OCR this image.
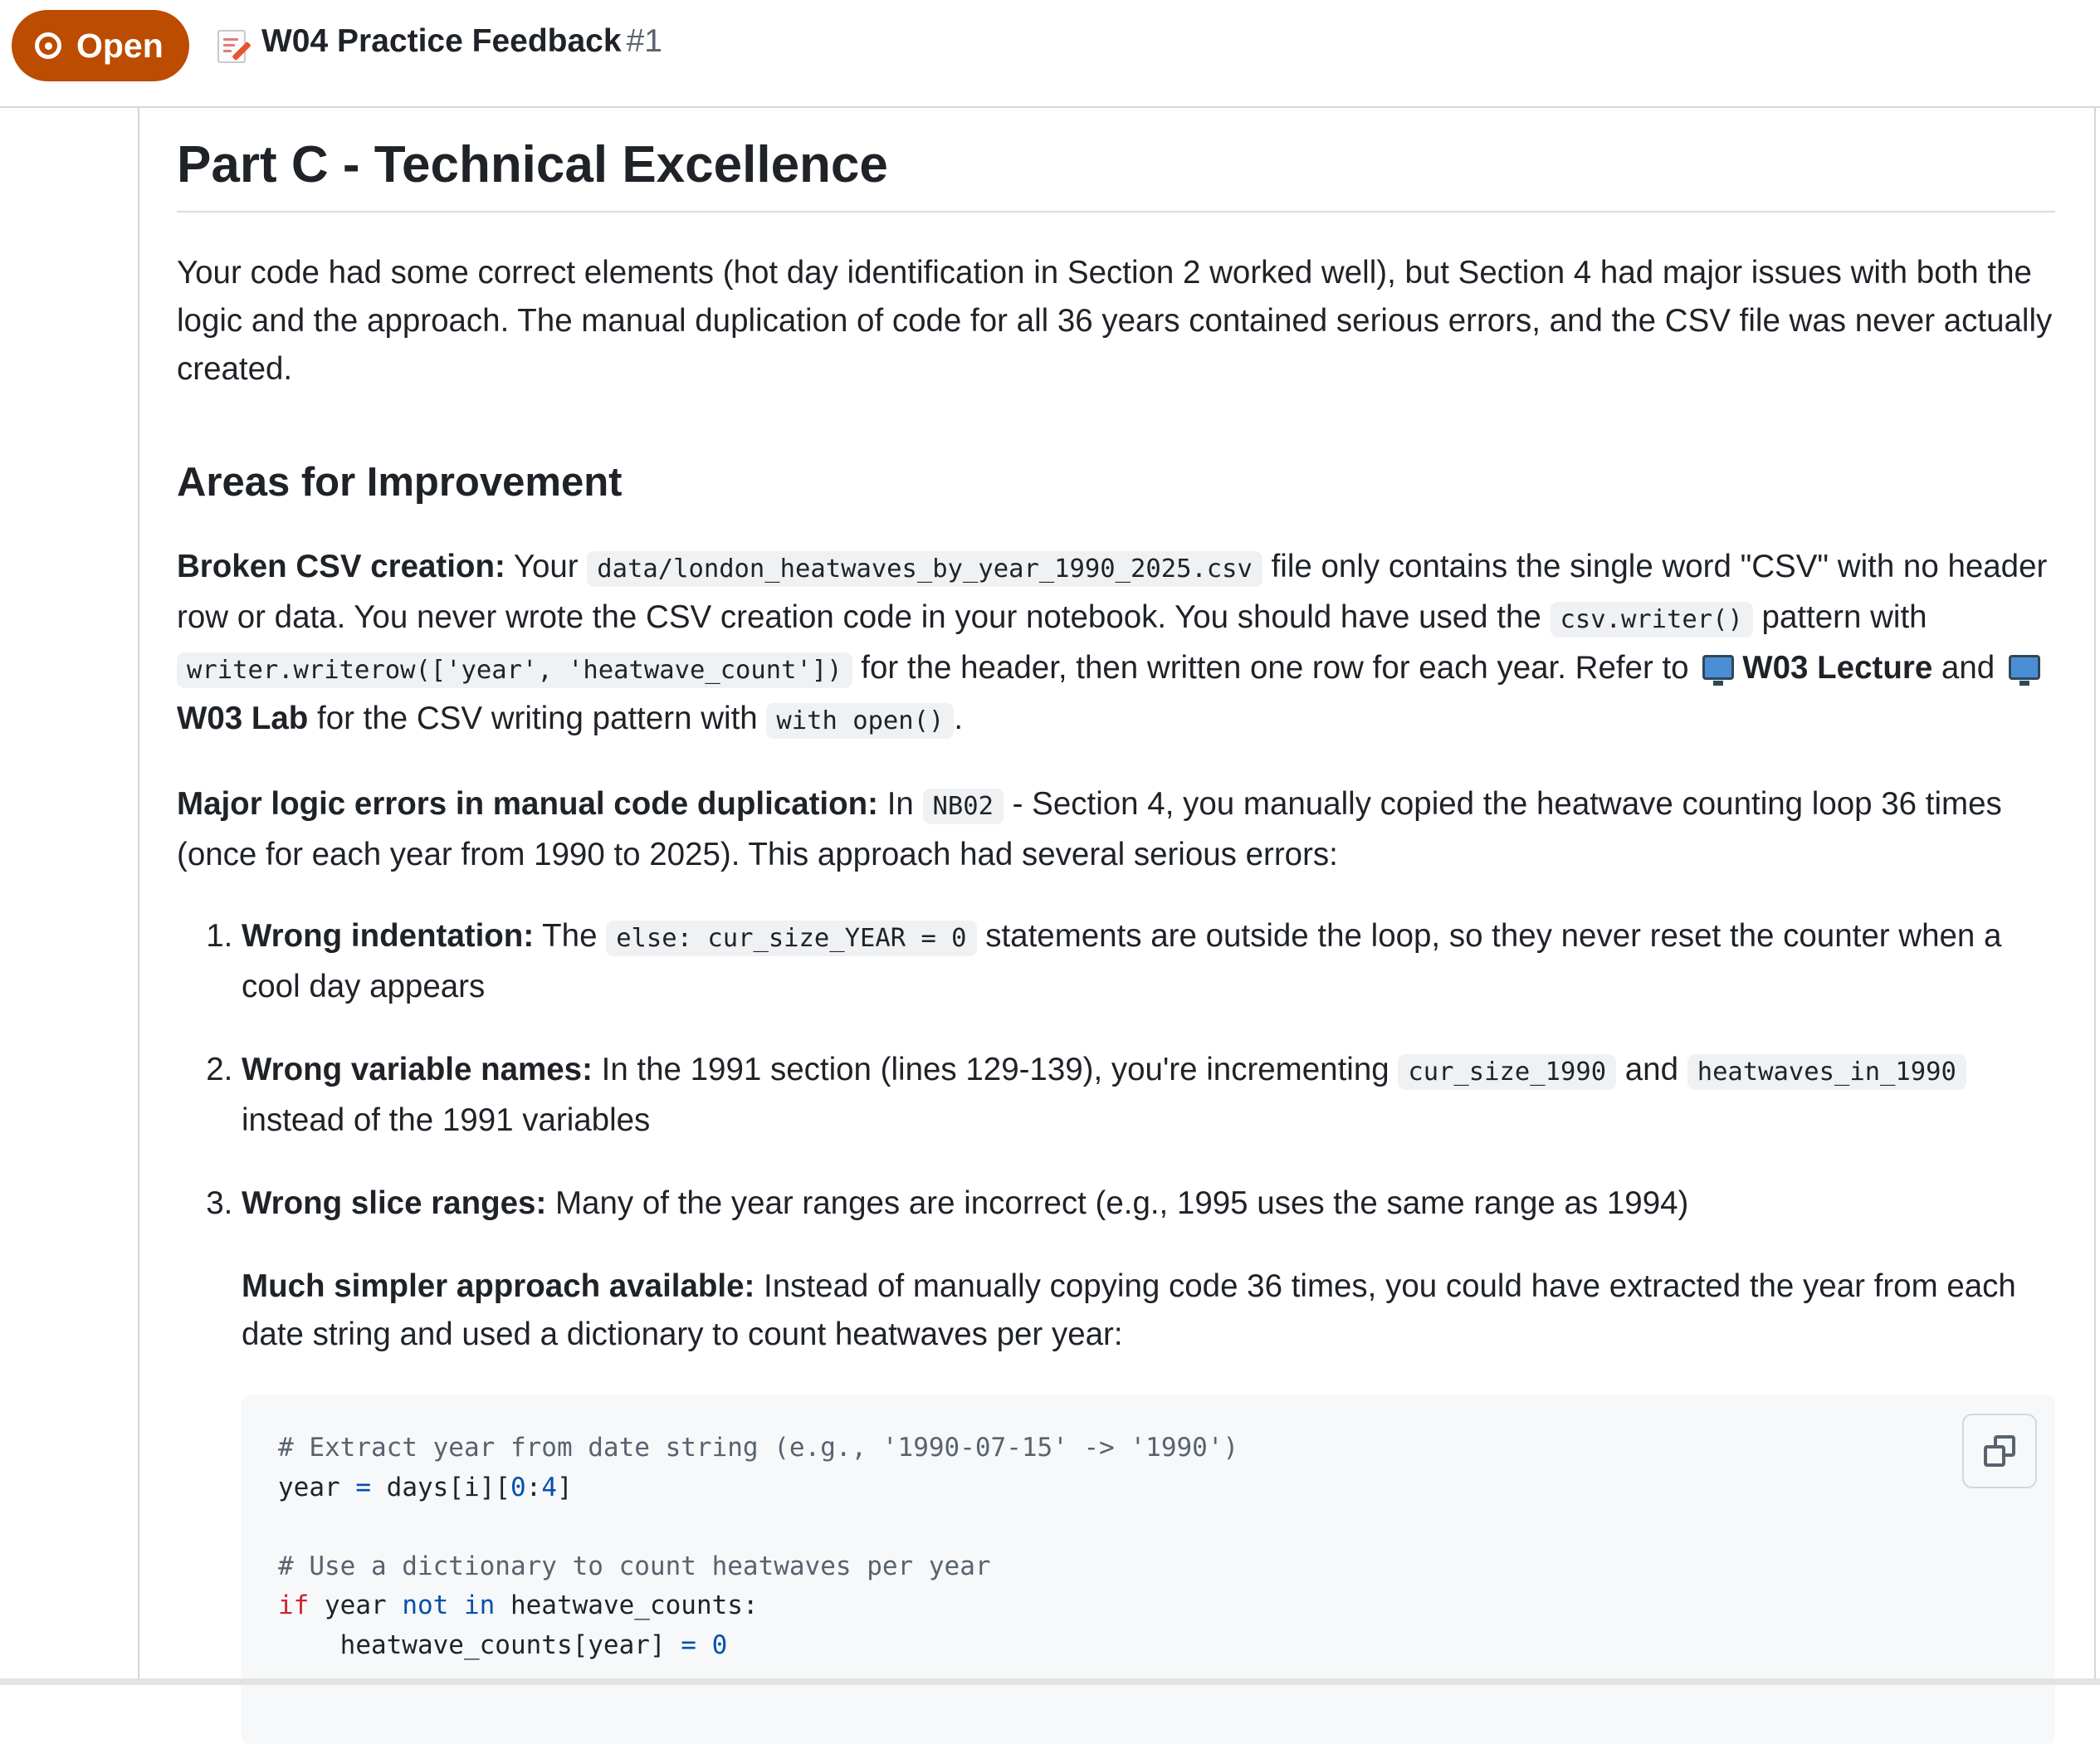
Open	W04 Practice Feedback #1
Part C - Technical Excellence

Your code had some correct elements (hot day identification in Section 2 worked well), but Section 4 had major issues with both the logic and the approach. The manual duplication of code for all 36 years contained serious errors, and the CSV file was never actually created.

Areas for Improvement

Broken CSV creation: Your data/london_heatwaves_by_year_1990_2025.csv file only contains the single word "CSV" with no header row or data. You never wrote the CSV creation code in your notebook. You should have used the csv.writer() pattern with writer.writerow(['year', 'heatwave_count']) for the header, then written one row for each year. Refer to W03 Lecture and W03 Lab for the CSV writing pattern with with open() .

Major logic errors in manual code duplication: In NB02 - Section 4, you manually copied the heatwave counting loop 36 times (once for each year from 1990 to 2025). This approach had several serious errors:

1. Wrong indentation: The else: cur_size_YEAR = 0 statements are outside the loop, so they never reset the counter when a cool day appears
2. Wrong variable names: In the 1991 section (lines 129-139), you're incrementing cur_size_1990 and heatwaves_in_1990 instead of the 1991 variables
3. Wrong slice ranges: Many of the year ranges are incorrect (e.g., 1995 uses the same range as 1994)

Much simpler approach available: Instead of manually copying code 36 times, you could have extracted the year from each date string and used a dictionary to count heatwaves per year:

# Extract year from date string (e.g., '1990-07-15' -> '1990')
year = days[i][0:4]

# Use a dictionary to count heatwaves per year
if year not in heatwave_counts:
heatwave_counts[year] = 0
